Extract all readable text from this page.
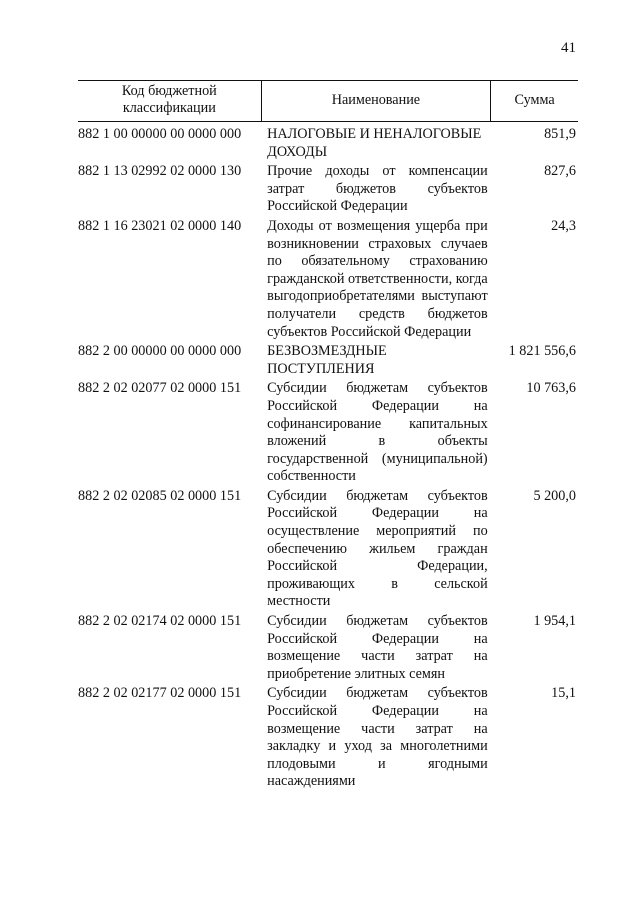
41
Код бюджетной классификации	Наименование	Сумма
882 1 00 00000 00 0000 000	НАЛОГОВЫЕ И НЕНАЛОГОВЫЕ ДОХОДЫ	851,9
882 1 13 02992 02 0000 130	Прочие доходы от компенсации затрат бюджетов субъектов Российской Федерации	827,6
882 1 16 23021 02 0000 140	Доходы от возмещения ущерба при возникновении страховых случаев по обязательному страхованию гражданской ответственности, когда выгодоприобретателями выступают получатели средств бюджетов субъектов Российской Федерации	24,3
882 2 00 00000 00 0000 000	БЕЗВОЗМЕЗДНЫЕ ПОСТУПЛЕНИЯ	1 821 556,6
882 2 02 02077 02 0000 151	Субсидии бюджетам субъектов Российской Федерации на софинансирование капитальных вложений в объекты государственной (муниципальной) собственности	10 763,6
882 2 02 02085 02 0000 151	Субсидии бюджетам субъектов Российской Федерации на осуществление мероприятий по обеспечению жильем граждан Российской Федерации, проживающих в сельской местности	5 200,0
882 2 02 02174 02 0000 151	Субсидии бюджетам субъектов Российской Федерации на возмещение части затрат на приобретение элитных семян	1 954,1
882 2 02 02177 02 0000 151	Субсидии бюджетам субъектов Российской Федерации на возмещение части затрат на закладку и уход за многолетними плодовыми и ягодными насаждениями	15,1
